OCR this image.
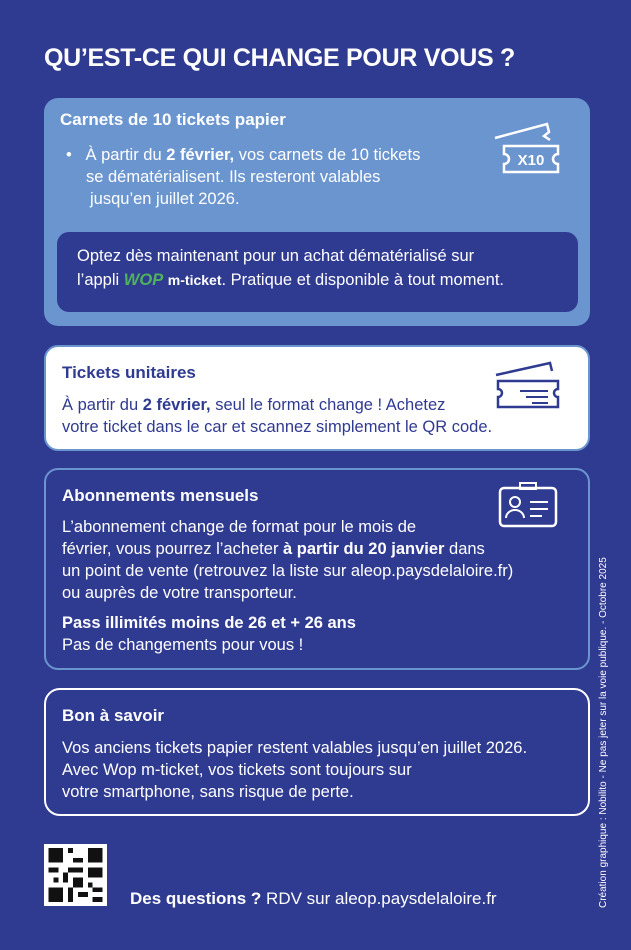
QU’EST-CE QUI CHANGE POUR VOUS ?
Carnets de 10 tickets papier
•   À partir du 2 février, vos carnets de 10 tickets
se dématérialisent. Ils resteront valables
jusqu’en juillet 2026.
X10
Optez dès maintenant pour un achat dématérialisé sur
l’appli WOP m-ticket. Pratique et disponible à tout moment.
Tickets unitaires
À partir du 2 février, seul le format change ! Achetez
votre ticket dans le car et scannez simplement le QR code.
Abonnements mensuels
L’abonnement change de format pour le mois de
février, vous pourrez l’acheter à partir du 20 janvier dans
un point de vente (retrouvez la liste sur aleop.paysdelaloire.fr)
ou auprès de votre transporteur.
Pass illimités moins de 26 et + 26 ans
Pas de changements pour vous !
Bon à savoir
Vos anciens tickets papier restent valables jusqu’en juillet 2026.
Avec Wop m-ticket, vos tickets sont toujours sur
votre smartphone, sans risque de perte.
Des questions ? RDV sur aleop.paysdelaloire.fr	Création graphique : Nobilito - Ne pas jeter sur la voie publique. - Octobre 2025
